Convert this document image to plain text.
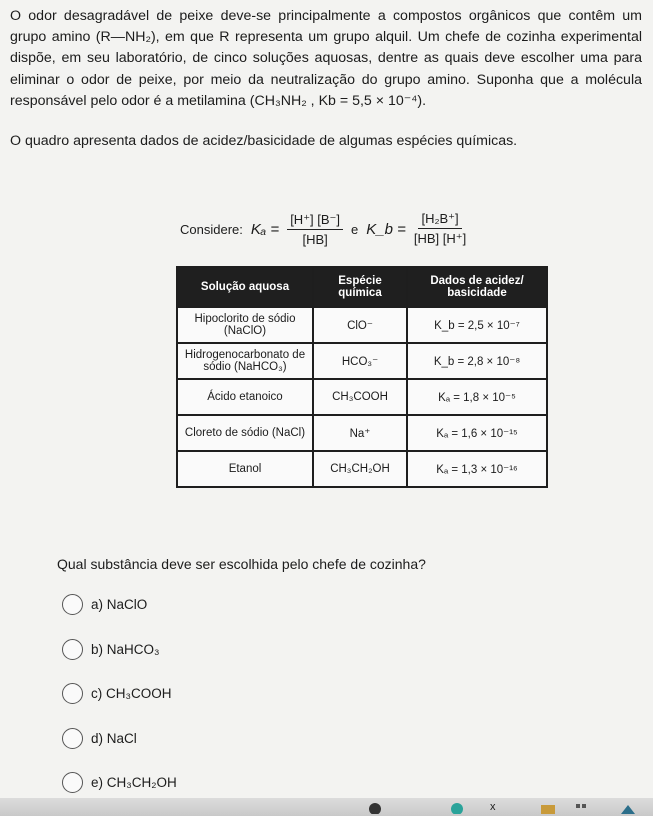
O odor desagradável de peixe deve-se principalmente a compostos orgânicos que contêm um grupo amino (R—NH₂), em que R representa um grupo alquil. Um chefe de cozinha experimental dispõe, em seu laboratório, de cinco soluções aquosas, dentre as quais deve escolher uma para eliminar o odor de peixe, por meio da neutralização do grupo amino. Suponha que a molécula responsável pelo odor é a metilamina (CH₃NH₂ , Kb = 5,5 × 10⁻⁴).
O quadro apresenta dados de acidez/basicidade de algumas espécies químicas.
Considere: $K_a = \frac{[H^+] [B^-]}{[HB]}$ e K_b = $\frac{\text{[H₂B⁺]}}{[HB] [H^+]}$
Solução aquosa	Espécie química	Dados de acidez/ basicidade
Hipoclorito de sódio (NaClO)	ClO⁻	K_b = 2,5 × 10⁻⁷
Hidrogenocarbonato de sódio (NaHCO₃)	HCO₃⁻	K_b = 2,8 × 10⁻⁸
Ácido etanoico	CH₃COOH	Kₐ = 1,8 × 10⁻⁵
Cloreto de sódio (NaCl)	Na⁺	Kₐ = 1,6 × 10⁻¹⁵
Etanol	CH₃CH₂OH	Kₐ = 1,3 × 10⁻¹⁶
Qual substância deve ser escolhida pelo chefe de cozinha?
a)
NaClO
b)
NaHCO₃
c)
CH₃COOH
d)
NaCl
e)
CH₃CH₂OH
x
